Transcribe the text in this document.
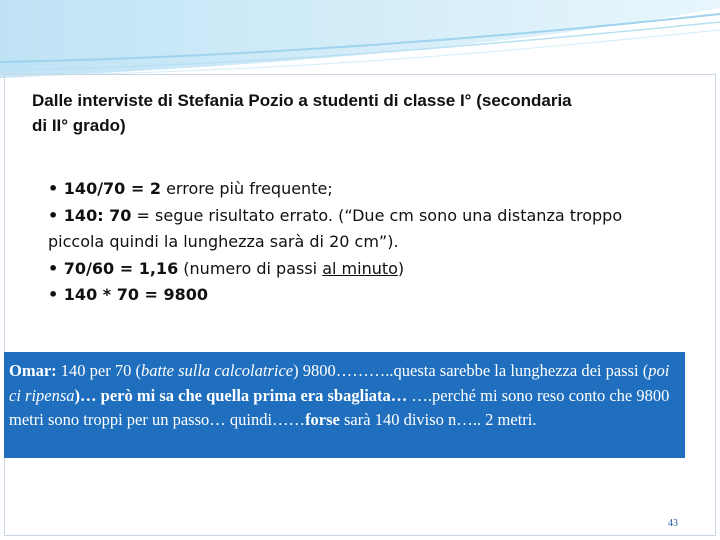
Dalle interviste di Stefania Pozio a studenti di classe I° (secondaria
di II° grado)

• 140/70 = 2 errore più frequente;
• 140: 70 = segue risultato errato. (“Due cm sono una distanza troppo piccola quindi la lunghezza sarà di 20 cm”).
• 70/60 = 1,16 (numero di passi al minuto)
• 140 * 70 = 9800
Omar: 140 per 70 (batte sulla calcolatrice) 9800………..questa sarebbe la lunghezza dei passi (poi ci ripensa)… però mi sa che quella prima era sbagliata… ….perché mi sono reso conto che 9800 metri sono troppi per un passo… quindi……forse sarà 140 diviso n….. 2 metri.
43
